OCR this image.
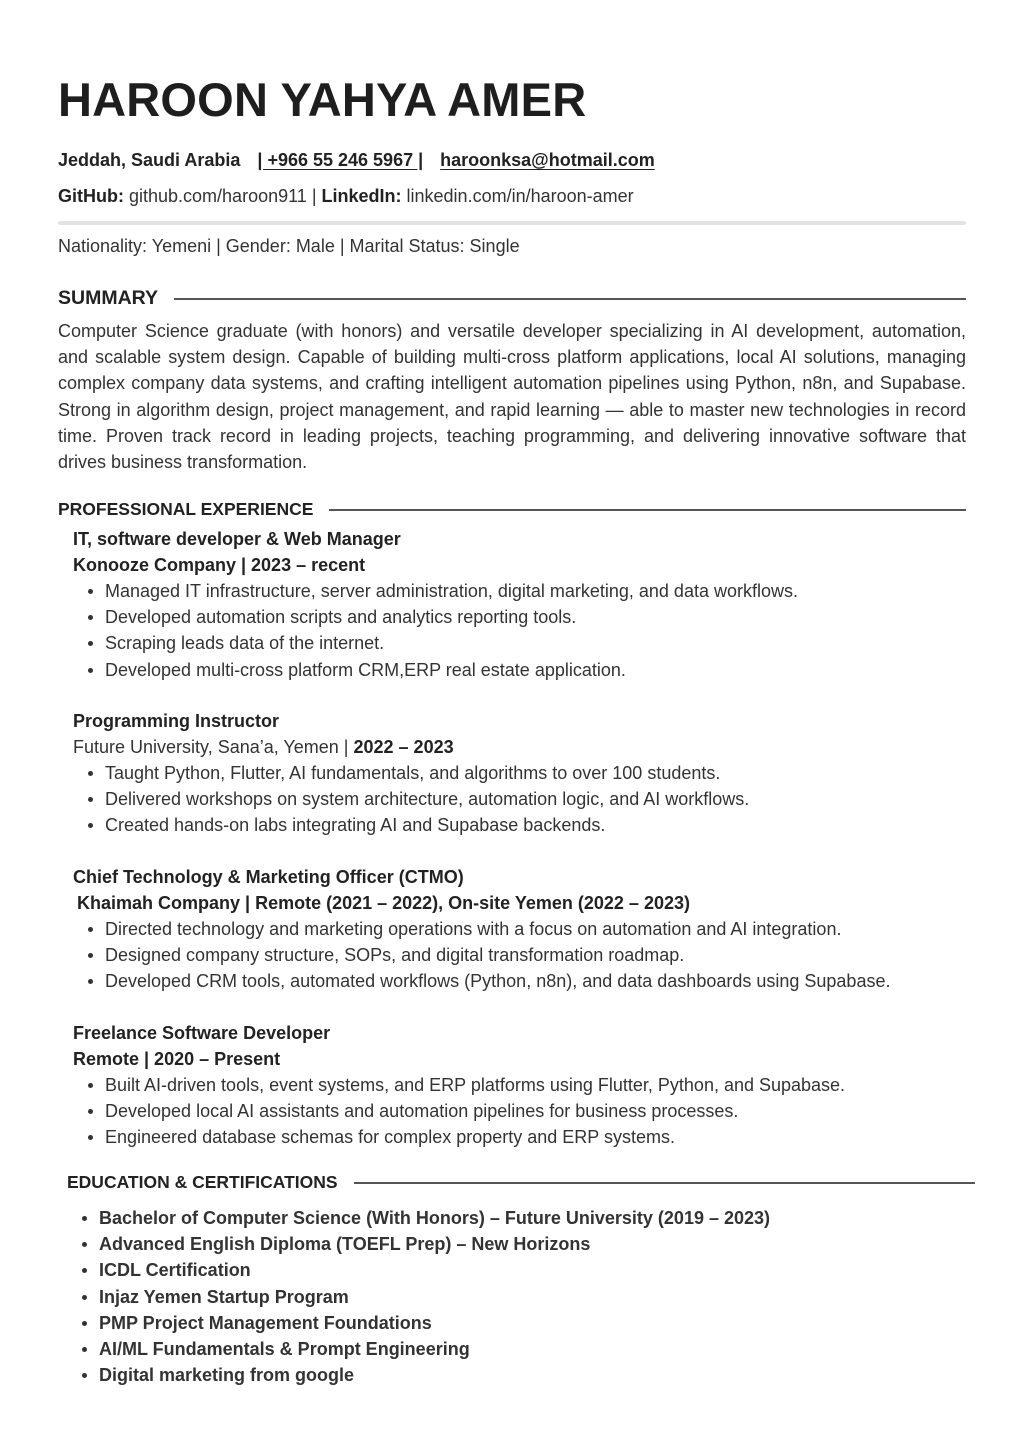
HAROON YAHYA AMER
Jeddah, Saudi Arabia | +966 55 246 5967 | haroonksa@hotmail.com
GitHub: github.com/haroon911 | LinkedIn: linkedin.com/in/haroon-amer
Nationality: Yemeni | Gender: Male | Marital Status: Single
SUMMARY
Computer Science graduate (with honors) and versatile developer specializing in AI development, automation, and scalable system design. Capable of building multi-cross platform applications, local AI solutions, managing complex company data systems, and crafting intelligent automation pipelines using Python, n8n, and Supabase. Strong in algorithm design, project management, and rapid learning — able to master new technologies in record time. Proven track record in leading projects, teaching programming, and delivering innovative software that drives business transformation.
PROFESSIONAL EXPERIENCE
IT, software developer & Web Manager
Konooze Company | 2023 – recent
Managed IT infrastructure, server administration, digital marketing, and data workflows.
Developed automation scripts and analytics reporting tools.
Scraping leads data of the internet.
Developed multi-cross platform CRM,ERP real estate application.
Programming Instructor
Future University, Sana’a, Yemen | 2022 – 2023
Taught Python, Flutter, AI fundamentals, and algorithms to over 100 students.
Delivered workshops on system architecture, automation logic, and AI workflows.
Created hands-on labs integrating AI and Supabase backends.
Chief Technology & Marketing Officer (CTMO)
Khaimah Company | Remote (2021 – 2022), On-site Yemen (2022 – 2023)
Directed technology and marketing operations with a focus on automation and AI integration.
Designed company structure, SOPs, and digital transformation roadmap.
Developed CRM tools, automated workflows (Python, n8n), and data dashboards using Supabase.
Freelance Software Developer
Remote | 2020 – Present
Built AI-driven tools, event systems, and ERP platforms using Flutter, Python, and Supabase.
Developed local AI assistants and automation pipelines for business processes.
Engineered database schemas for complex property and ERP systems.
EDUCATION & CERTIFICATIONS
Bachelor of Computer Science (With Honors) – Future University (2019 – 2023)
Advanced English Diploma (TOEFL Prep) – New Horizons
ICDL Certification
Injaz Yemen Startup Program
PMP Project Management Foundations
AI/ML Fundamentals & Prompt Engineering
Digital marketing from google
